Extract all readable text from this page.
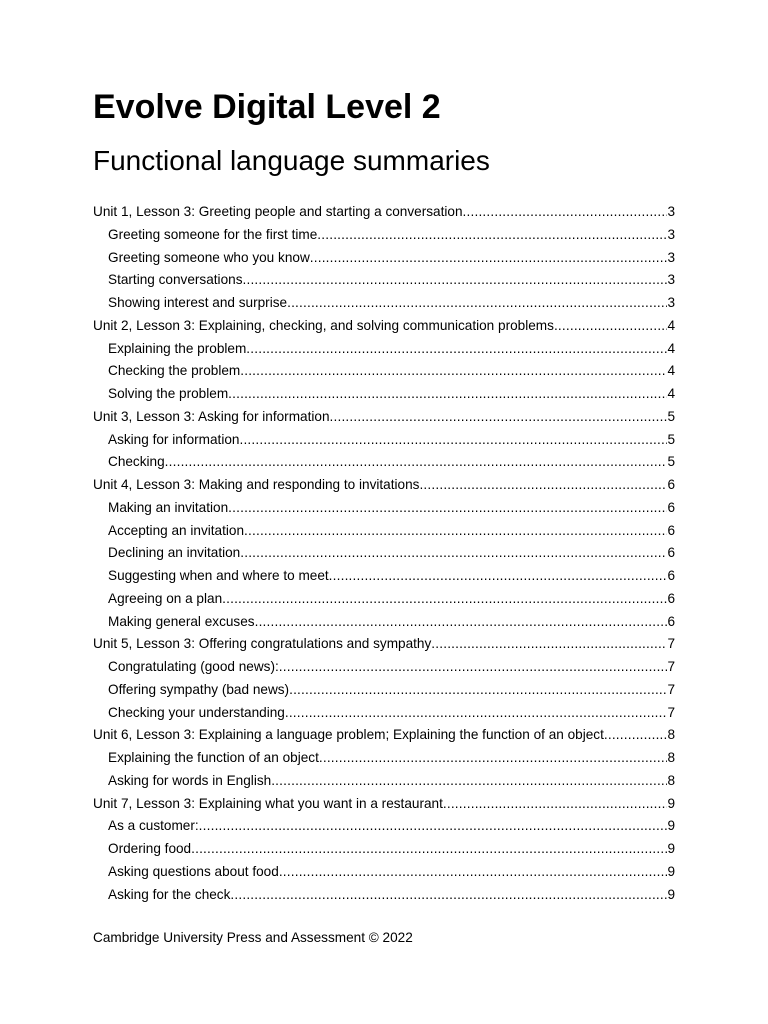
Evolve Digital Level 2
Functional language summaries
Unit 1, Lesson 3: Greeting people and starting a conversation .....	3
Greeting someone for the first time .....	3
Greeting someone who you know .....	3
Starting conversations .....	3
Showing interest and surprise .....	3
Unit 2, Lesson 3: Explaining, checking, and solving communication problems .....	4
Explaining the problem .....	4
Checking the problem .....	4
Solving the problem .....	4
Unit 3, Lesson 3: Asking for information .....	5
Asking for information .....	5
Checking .....	5
Unit 4, Lesson 3: Making and responding to invitations .....	6
Making an invitation .....	6
Accepting an invitation .....	6
Declining an invitation .....	6
Suggesting when and where to meet .....	6
Agreeing on a plan .....	6
Making general excuses .....	6
Unit 5, Lesson 3: Offering congratulations and sympathy .....	7
Congratulating (good news): .....	7
Offering sympathy (bad news) .....	7
Checking your understanding .....	7
Unit 6, Lesson 3: Explaining a language problem; Explaining the function of an object .....	8
Explaining the function of an object .....	8
Asking for words in English .....	8
Unit 7, Lesson 3: Explaining what you want in a restaurant .....	9
As a customer: .....	9
Ordering food .....	9
Asking questions about food .....	9
Asking for the check .....	9
Cambridge University Press and Assessment © 2022
